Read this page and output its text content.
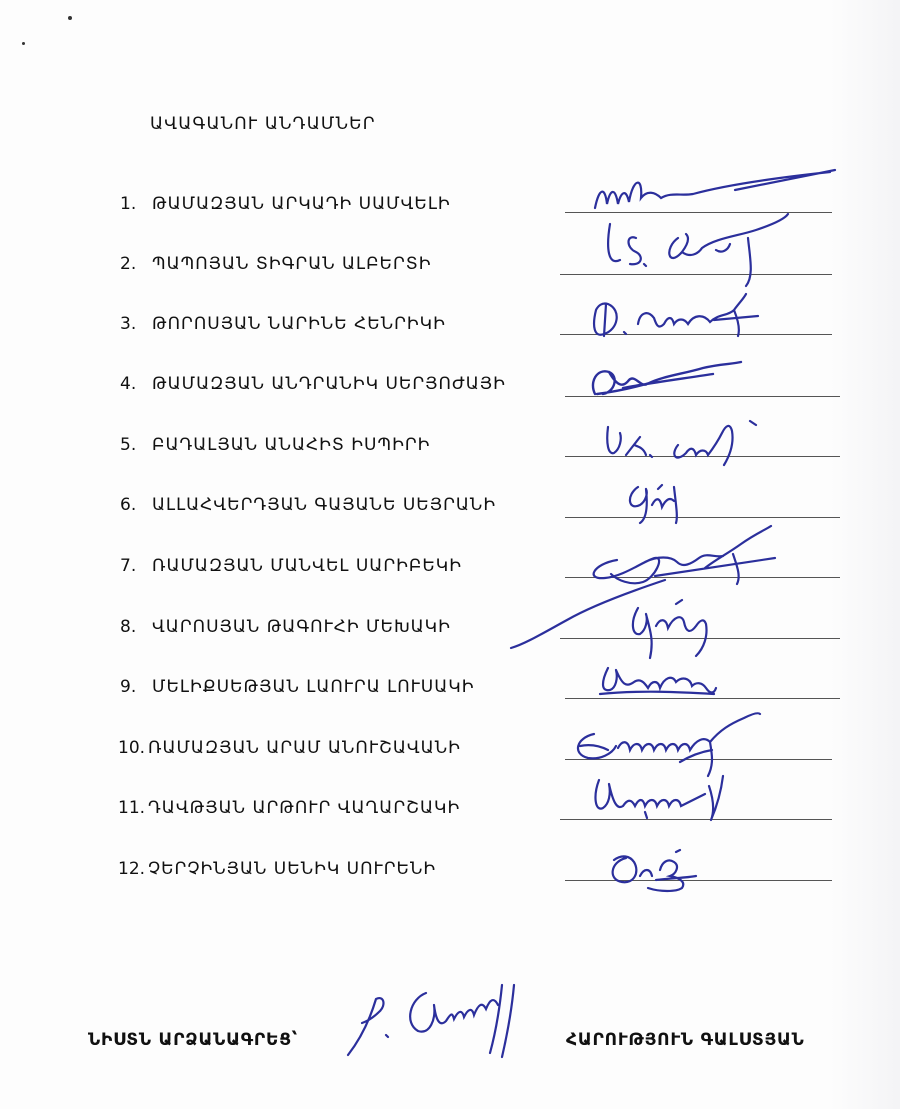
ԱՎԱԳԱՆՈՒ ԱՆԴԱՄՆԵՐ
1. ԹԱՄԱԶՅԱՆ ԱՐԿԱԴԻ ՍԱՄՎԵԼԻ
2. ՊԱՊՈՅԱՆ ՏԻԳՐԱՆ ԱԼԲԵՐՏԻ
3. ԹՈՐՈՍՅԱՆ ՆԱՐԻՆԵ ՀԵՆՐԻԿԻ
4. ԹԱՄԱԶՅԱՆ ԱՆԴՐԱՆԻԿ ՍԵՐՅՈԺԱՅԻ
5. ԲԱԴԱԼՅԱՆ ԱՆԱՀԻՏ ԻՍՊԻՐԻ
6. ԱԼԼԱՀՎԵՐԴՅԱՆ ԳԱՅԱՆԵ ՍԵՅՐԱՆԻ
7. ՌԱՄԱԶՅԱՆ ՄԱՆՎԵԼ ՍԱՐԻԲԵԿԻ
8. ՎԱՐՈՍՅԱՆ ԹԱԳՈՒՀԻ ՄԵԽԱԿԻ
9. ՄԵԼԻՔՍԵԹՅԱՆ ԼԱՈՒՐԱ ԼՈՒՍԱԿԻ
10. ՌԱՄԱԶՅԱՆ ԱՐԱՄ ԱՆՈՒՇԱՎԱՆԻ
11. ԴԱՎԹՅԱՆ ԱՐԹՈՒՐ ՎԱՂԱՐՇԱԿԻ
12. ՉԵՐՉԻՆՅԱՆ ՍԵՆԻԿ ՍՈՒՐԵՆԻ
ՆԻՍՏՆ ԱՐՁԱՆԱԳՐԵՑ՝	ՀԱՐՈՒԹՅՈՒՆ ԳԱԼՍՏՅԱՆ
